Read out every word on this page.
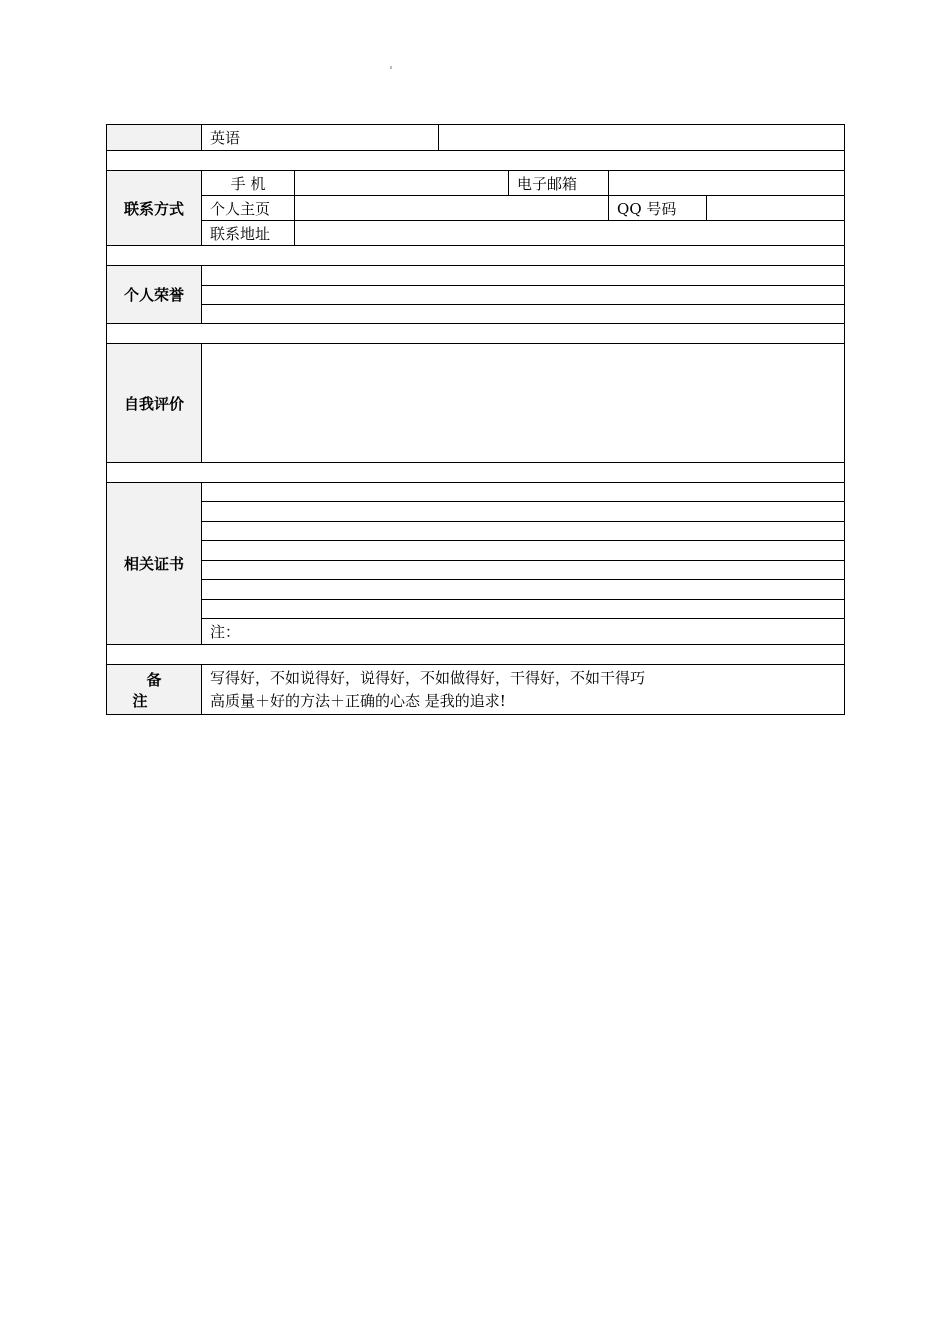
	英语					

联系方式	手 机			电子邮箱		
	个人主页				QQ 号码	
	联系地址					

个人荣誉						

自我评价						

相关证书						

	注：					

备 注	写得好，不如说得好，说得好，不如做得好，干得好，不如干得巧
高质量＋好的方法＋正确的心态 是我的追求!					
